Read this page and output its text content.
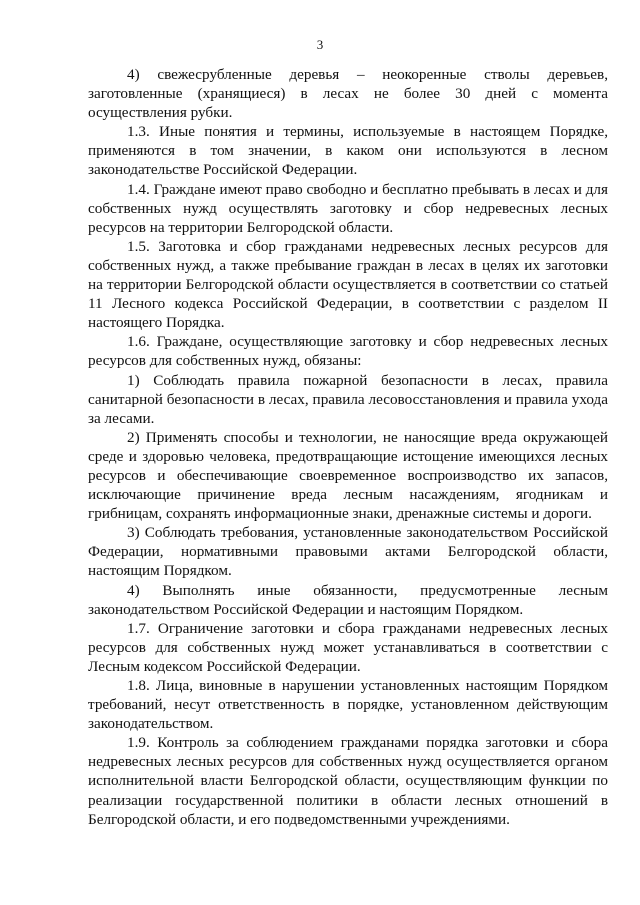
3

4) свежесрубленные деревья – неокоренные стволы деревьев, заготовленные (хранящиеся) в лесах не более 30 дней с момента осуществления рубки.

1.3. Иные понятия и термины, используемые в настоящем Порядке, применяются в том значении, в каком они используются в лесном законодательстве Российской Федерации.

1.4. Граждане имеют право свободно и бесплатно пребывать в лесах и для собственных нужд осуществлять заготовку и сбор недревесных лесных ресурсов на территории Белгородской области.

1.5. Заготовка и сбор гражданами недревесных лесных ресурсов для собственных нужд, а также пребывание граждан в лесах в целях их заготовки на территории Белгородской области осуществляется в соответствии со статьей 11 Лесного кодекса Российской Федерации, в соответствии с разделом II настоящего Порядка.

1.6. Граждане, осуществляющие заготовку и сбор недревесных лесных ресурсов для собственных нужд, обязаны:

1) Соблюдать правила пожарной безопасности в лесах, правила санитарной безопасности в лесах, правила лесовосстановления и правила ухода за лесами.

2) Применять способы и технологии, не наносящие вреда окружающей среде и здоровью человека, предотвращающие истощение имеющихся лесных ресурсов и обеспечивающие своевременное воспроизводство их запасов, исключающие причинение вреда лесным насаждениям, ягодникам и грибницам, сохранять информационные знаки, дренажные системы и дороги.

3) Соблюдать требования, установленные законодательством Российской Федерации, нормативными правовыми актами Белгородской области, настоящим Порядком.

4) Выполнять иные обязанности, предусмотренные лесным законодательством Российской Федерации и настоящим Порядком.

1.7. Ограничение заготовки и сбора гражданами недревесных лесных ресурсов для собственных нужд может устанавливаться в соответствии с Лесным кодексом Российской Федерации.

1.8. Лица, виновные в нарушении установленных настоящим Порядком требований, несут ответственность в порядке, установленном действующим законодательством.

1.9. Контроль за соблюдением гражданами порядка заготовки и сбора недревесных лесных ресурсов для собственных нужд осуществляется органом исполнительной власти Белгородской области, осуществляющим функции по реализации государственной политики в области лесных отношений в Белгородской области, и его подведомственными учреждениями.
